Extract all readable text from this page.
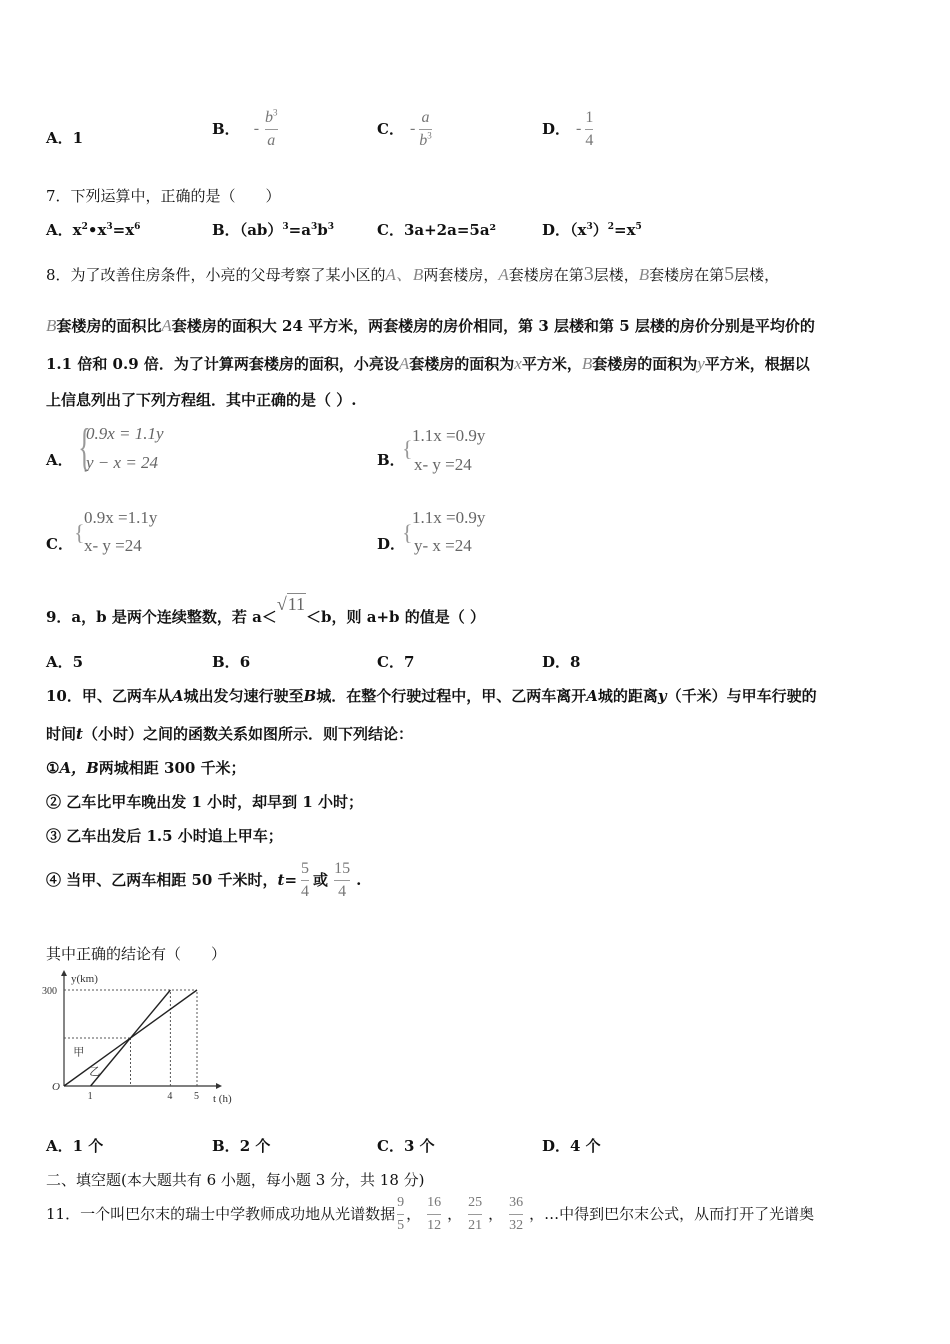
A．1	B． - $\frac{b^3}{a}$	C． - $\frac{a}{b^3}$	D． - $\frac{1}{4}$
7．下列运算中，正确的是（　　）
A．$x^2•x^3=x^6$	B．$(ab)^3=a^3b^3$	C．3a+2a=5a²	D．$(x^3)^2=x^5$
8．为了改善住房条件，小亮的父母考察了某小区的A、B两套楼房，A套楼房在第3层楼，B套楼房在第5层楼，
B套楼房的面积比A套楼房的面积大 24 平方米，两套楼房的房价相同，第 3 层楼和第 5 层楼的房价分别是平均价的
1.1 倍和 0.9 倍．为了计算两套楼房的面积，小亮设A套楼房的面积为x平方米，B套楼房的面积为y平方米，根据以
上信息列出了下列方程组．其中正确的是（ ）.
A． {
0.9x = 1.1y
y − x = 24	B．
{
1.1x =0.9y
x- y =24
C． {
0.9x =1.1y
x- y =24	D．
{
1.1x =0.9y
y- x =24
9．a，b 是两个连续整数，若 a＜√11＜b，则 a+b 的值是（ ）
A．5	B．6	C．7	D．8
10．甲、乙两车从A城出发匀速行驶至B城．在整个行驶过程中，甲、乙两车离开A城的距离y（千米）与甲车行驶的
时间t（小时）之间的函数关系如图所示．则下列结论：
①A，B两城相距 300 千米；
② 乙车比甲车晚出发 1 小时，却早到 1 小时；
③ 乙车出发后 1.5 小时追上甲车；
④ 当甲、乙两车相距 50 千米时， $t= \frac{5}{4}$ 或 $\frac{15}{4}$ .
其中正确的结论有（　　）
y(km)
t (h)
O
1	4 5
300
甲
乙
A．1 个	B．2 个	C．3 个	D．4 个
二、填空题(本大题共有 6 小题，每小题 3 分，共 18 分)
11．一个叫巴尔末的瑞士中学教师成功地从光谱数据 $\frac{9}{5}$ ， $\frac{16}{12}$ ， $\frac{25}{21}$ ， $\frac{36}{32}$ ，…中得到巴尔末公式，从而打开了光谱奥
